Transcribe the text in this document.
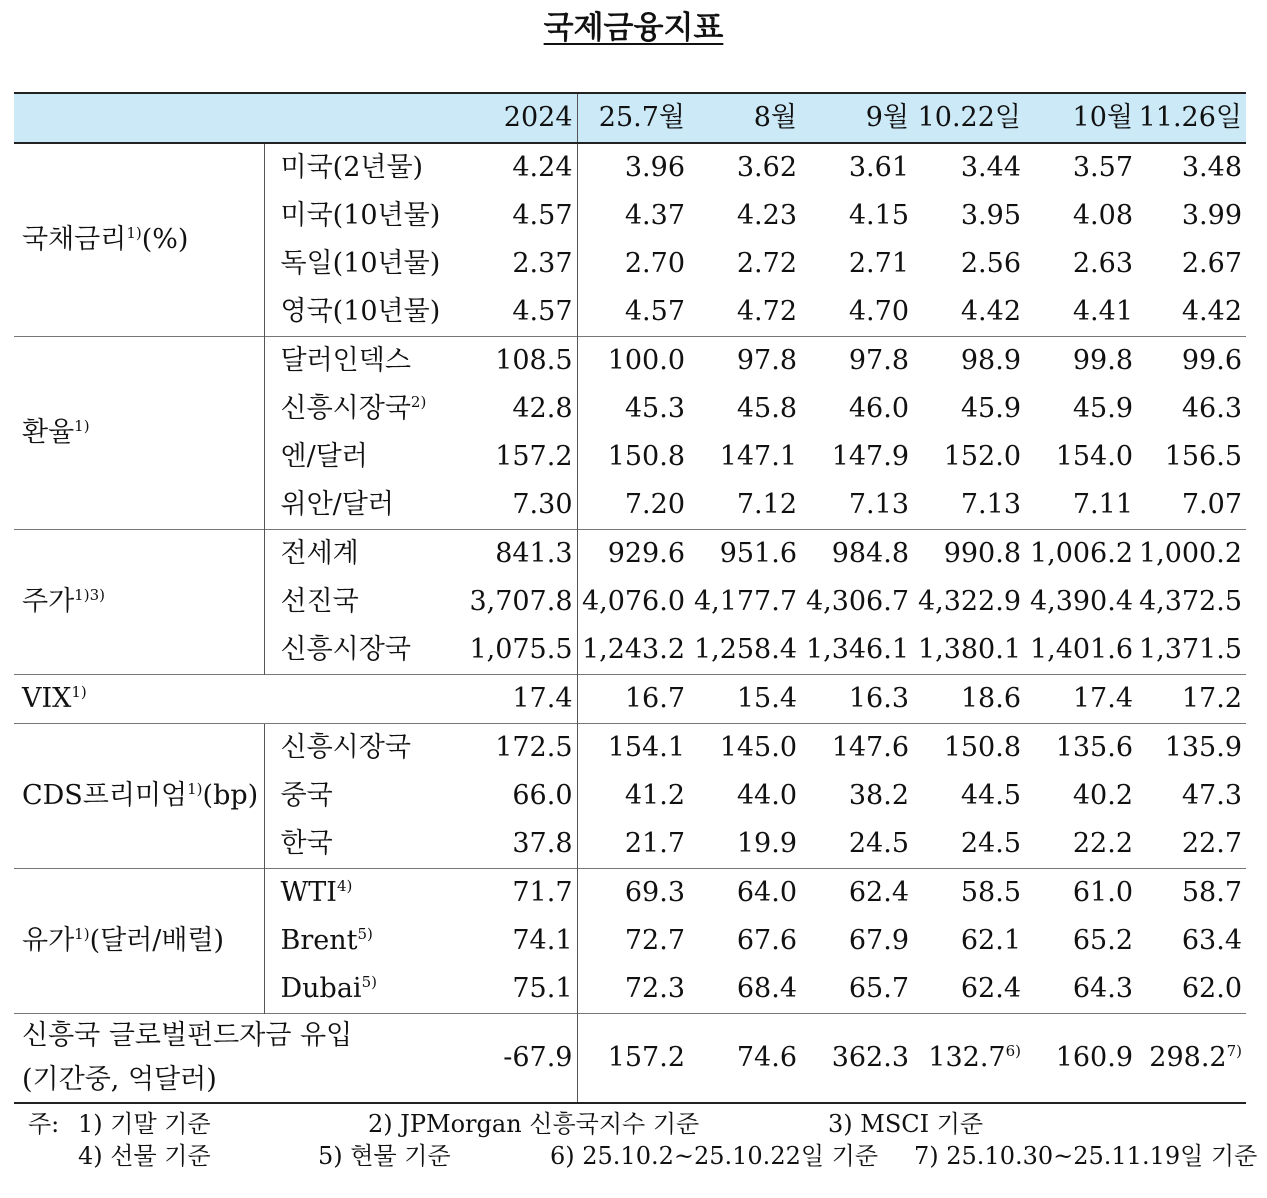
국제금융지표
		2024	25.7월	8월	9월	10.22일	10월	11.26일
국채금리$^{1)}$(%)	미국(2년물)	4.24	3.96	3.62	3.61	3.44	3.57	3.48
	미국(10년물)	4.57	4.37	4.23	4.15	3.95	4.08	3.99
	독일(10년물)	2.37	2.70	2.72	2.71	2.56	2.63	2.67
	영국(10년물)	4.57	4.57	4.72	4.70	4.42	4.41	4.42
환율$^{1)}$	달러인덱스	108.5	100.0	97.8	97.8	98.9	99.8	99.6
	신흥시장국$^{2)}$	42.8	45.3	45.8	46.0	45.9	45.9	46.3
	엔/달러	157.2	150.8	147.1	147.9	152.0	154.0	156.5
	위안/달러	7.30	7.20	7.12	7.13	7.13	7.11	7.07
주가$^{1)3)}$	전세계	841.3	929.6	951.6	984.8	990.8	1,006.2	1,000.2
	선진국	3,707.8	4,076.0	4,177.7	4,306.7	4,322.9	4,390.4	4,372.5
	신흥시장국	1,075.5	1,243.2	1,258.4	1,346.1	1,380.1	1,401.6	1,371.5
VIX$^{1)}$		17.4	16.7	15.4	16.3	18.6	17.4	17.2
CDS프리미엄$^{1)}$(bp)	신흥시장국	172.5	154.1	145.0	147.6	150.8	135.6	135.9
	중국	66.0	41.2	44.0	38.2	44.5	40.2	47.3
	한국	37.8	21.7	19.9	24.5	24.5	22.2	22.7
유가$^{1)}$(달러/배럴)	WTI$^{4)}$	71.7	69.3	64.0	62.4	58.5	61.0	58.7
	Brent$^{5)}$	74.1	72.7	67.6	67.9	62.1	65.2	63.4
	Dubai$^{5)}$	75.1	72.3	68.4	65.7	62.4	64.3	62.0

신흥국 글로벌펀드자금 유입
(기간중, 억달러)		-67.9	157.2	74.6	362.3	132.7$^{6)}$	160.9	298.2$^{7)}$
주: 1) 기말 기준	2) JPMorgan 신흥국지수 기준	3) MSCI 기준
4) 선물 기준	5) 현물 기준	6) 25.10.2~25.10.22일 기준 7) 25.10.30~25.11.19일 기준
